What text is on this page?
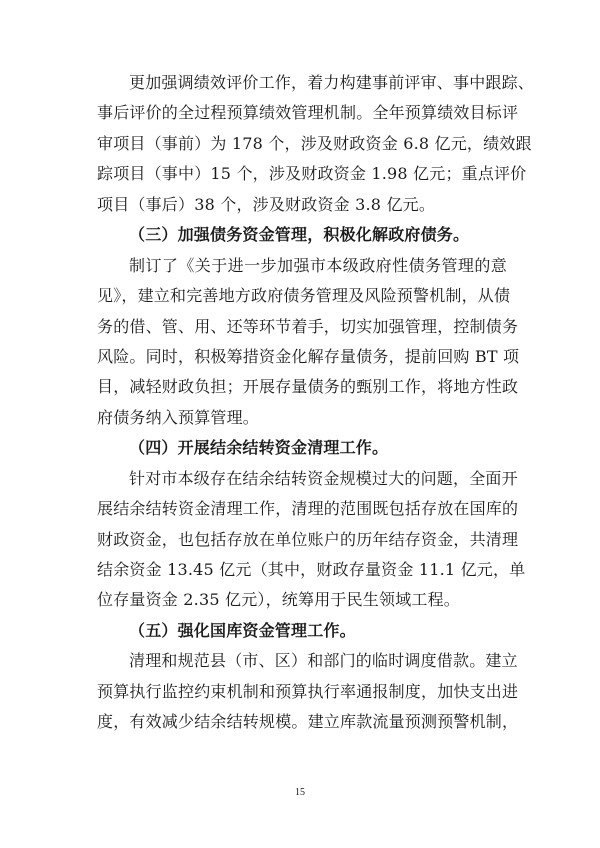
更加强调绩效评价工作，着力构建事前评审、事中跟踪、
事后评价的全过程预算绩效管理机制。全年预算绩效目标评
审项目（事前）为 178 个，涉及财政资金 6.8 亿元，绩效跟
踪项目（事中）15 个，涉及财政资金 1.98 亿元；重点评价
项目（事后）38 个，涉及财政资金 3.8 亿元。
（三）加强债务资金管理，积极化解政府债务。
制订了《关于进一步加强市本级政府性债务管理的意
见》，建立和完善地方政府债务管理及风险预警机制，从债
务的借、管、用、还等环节着手，切实加强管理，控制债务
风险。同时，积极筹措资金化解存量债务，提前回购 BT 项
目，减轻财政负担；开展存量债务的甄别工作，将地方性政
府债务纳入预算管理。
（四）开展结余结转资金清理工作。
针对市本级存在结余结转资金规模过大的问题，全面开
展结余结转资金清理工作，清理的范围既包括存放在国库的
财政资金，也包括存放在单位账户的历年结存资金，共清理
结余资金 13.45 亿元（其中，财政存量资金 11.1 亿元，单
位存量资金 2.35 亿元），统筹用于民生领域工程。
（五）强化国库资金管理工作。
清理和规范县（市、区）和部门的临时调度借款。建立
预算执行监控约束机制和预算执行率通报制度，加快支出进
度，有效减少结余结转规模。建立库款流量预测预警机制，
15
